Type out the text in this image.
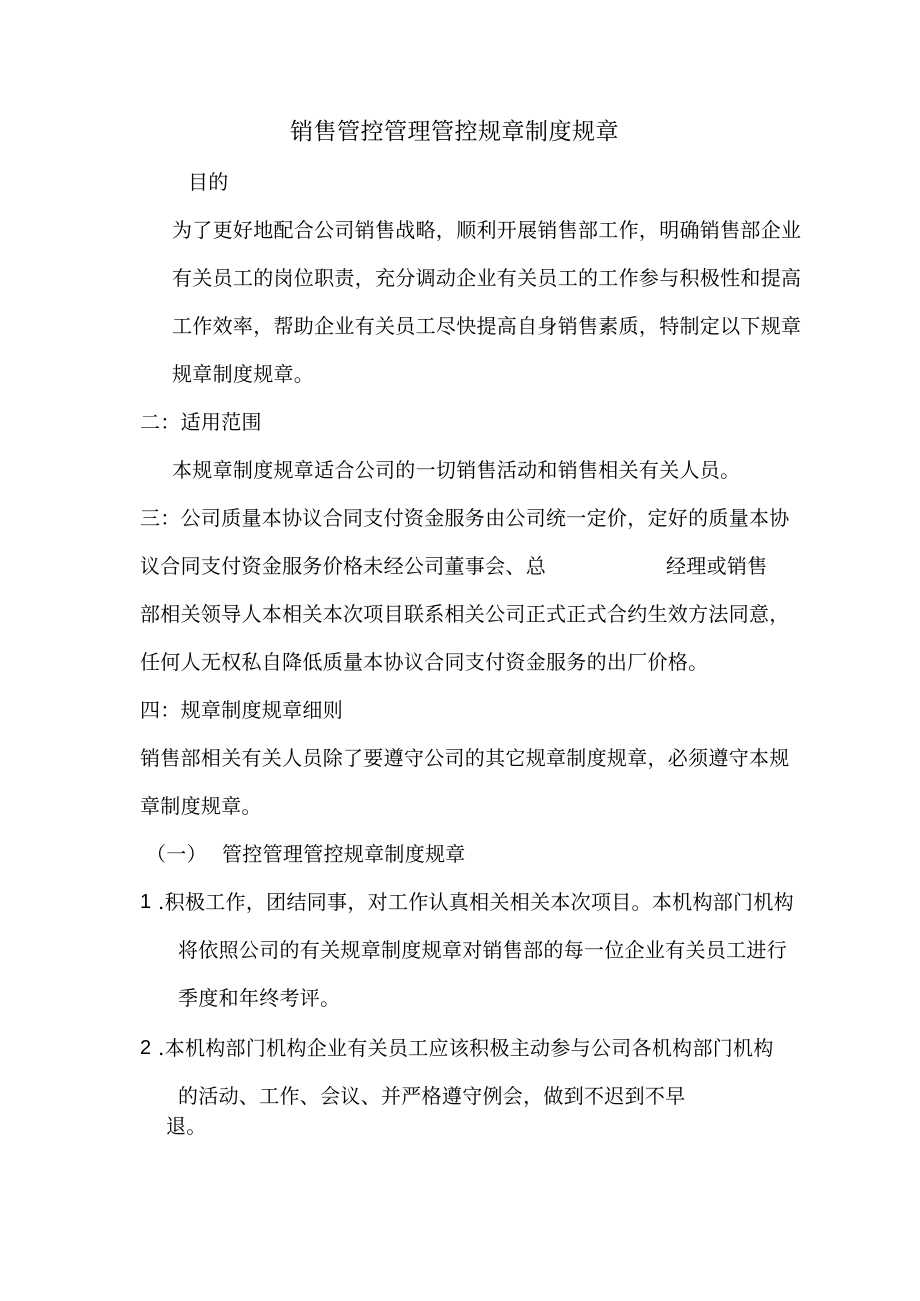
销售管控管理管控规章制度规章
目的
为了更好地配合公司销售战略，顺利开展销售部工作，明确销售部企业
有关员工的岗位职责，充分调动企业有关员工的工作参与积极性和提高
工作效率，帮助企业有关员工尽快提高自身销售素质，特制定以下规章
规章制度规章。
二：适用范围
本规章制度规章适合公司的一切销售活动和销售相关有关人员。
三：公司质量本协议合同支付资金服务由公司统一定价，定好的质量本协
议合同支付资金服务价格未经公司董事会、总	经理或销售
部相关领导人本相关本次项目联系相关公司正式正式合约生效方法同意，
任何人无权私自降低质量本协议合同支付资金服务的出厂价格。
四：规章制度规章细则
销售部相关有关人员除了要遵守公司的其它规章制度规章，必须遵守本规
章制度规章。
（一） 管控管理管控规章制度规章
1 .积极工作，团结同事，对工作认真相关相关本次项目。本机构部门机构
将依照公司的有关规章制度规章对销售部的每一位企业有关员工进行
季度和年终考评。
2 .本机构部门机构企业有关员工应该积极主动参与公司各机构部门机构
的活动、工作、会议、并严格遵守例会，做到不迟到不早
退。
